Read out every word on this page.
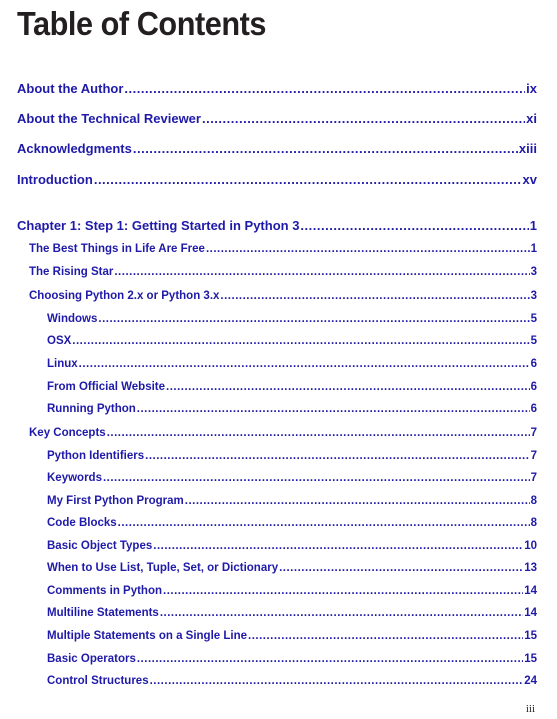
Table of Contents
About the Author .....	ix
About the Technical Reviewer .....	xi
Acknowledgments .....	xiii
Introduction .....	xv
Chapter 1: Step 1: Getting Started in Python 3 .....	1
The Best Things in Life Are Free .....	1
The Rising Star .....	3
Choosing Python 2.x or Python 3.x .....	3
Windows .....	5
OSX .....	5
Linux .....	6
From Official Website .....	6
Running Python .....	6
Key Concepts .....	7
Python Identifiers .....	7
Keywords .....	7
My First Python Program .....	8
Code Blocks .....	8
Basic Object Types .....	10
When to Use List, Tuple, Set, or Dictionary .....	13
Comments in Python .....	14
Multiline Statements .....	14
Multiple Statements on a Single Line .....	15
Basic Operators .....	15
Control Structures .....	24
iii
